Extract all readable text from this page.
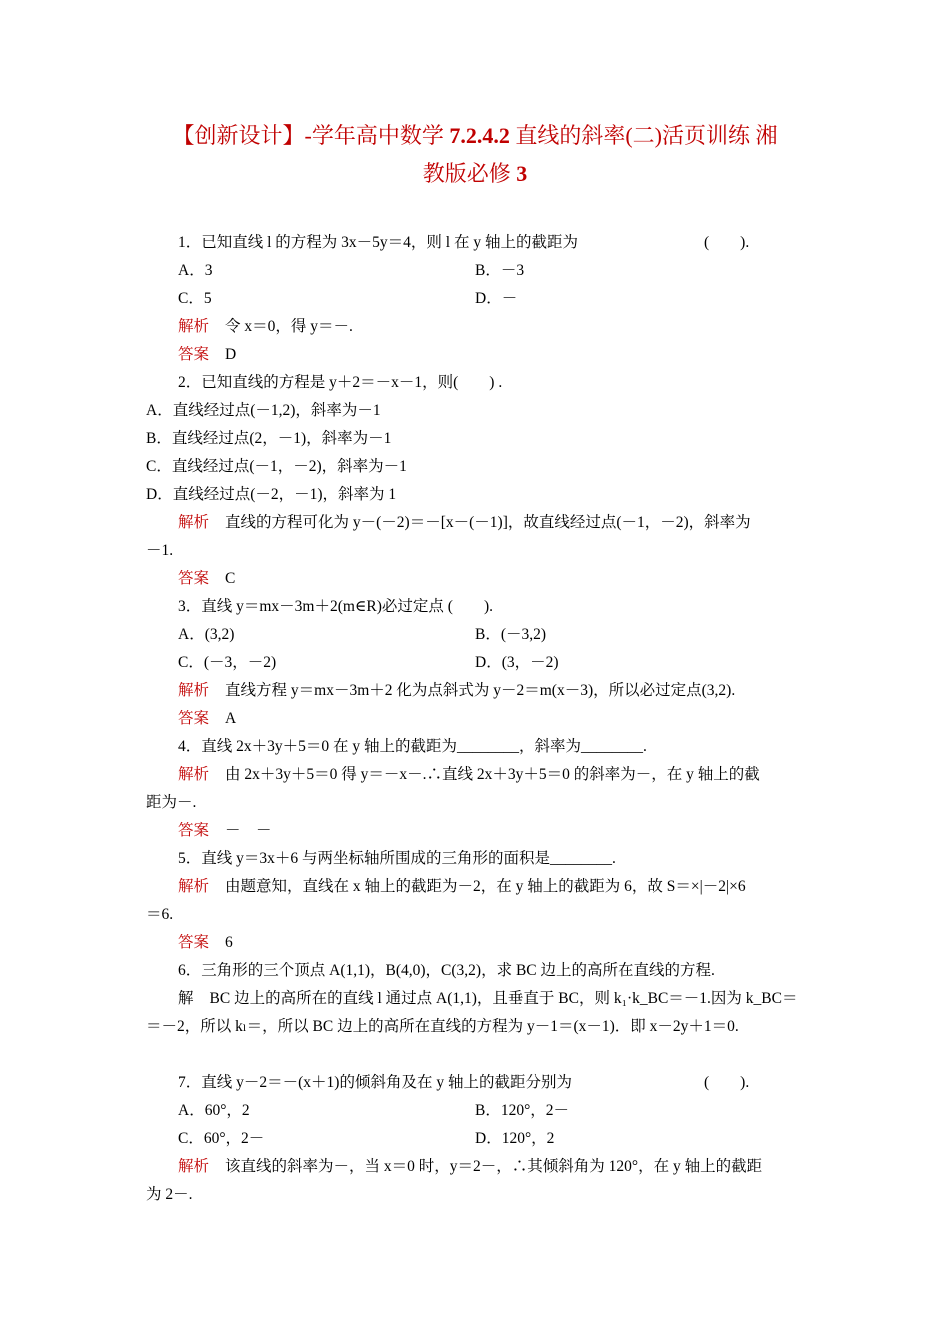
【创新设计】-学年高中数学 7.2.4.2 直线的斜率(二)活页训练 湘
教版必修 3
1．已知直线 l 的方程为 3x－5y＝4，则 l 在 y 轴上的截距为	(　　).
A．3	B．－3
C．5	D．－
解析 令 x＝0，得 y＝－.
答案 D
2．已知直线的方程是 y＋2＝－x－1，则(　　) .
A．直线经过点(－1,2)，斜率为－1
B．直线经过点(2，－1)，斜率为－1
C．直线经过点(－1，－2)，斜率为－1
D．直线经过点(－2，－1)，斜率为 1
解析 直线的方程可化为 y－(－2)＝－[x－(－1)]，故直线经过点(－1，－2)，斜率为
－1.
答案 C
3．直线 y＝mx－3m＋2(m∈R)必过定点 (　　).
A．(3,2)	B．(－3,2)
C．(－3，－2)	D．(3，－2)
解析 直线方程 y＝mx－3m＋2 化为点斜式为 y－2＝m(x－3)，所以必过定点(3,2).
答案 A
4．直线 2x＋3y＋5＝0 在 y 轴上的截距为________，斜率为________.
解析 由 2x＋3y＋5＝0 得 y＝－x－.∴直线 2x＋3y＋5＝0 的斜率为－，在 y 轴上的截
距为－.
答案 －　－
5．直线 y＝3x＋6 与两坐标轴所围成的三角形的面积是________.
解析 由题意知，直线在 x 轴上的截距为－2，在 y 轴上的截距为 6，故 S＝×|－2|×6
＝6.
答案 6
6．三角形的三个顶点 A(1,1)，B(4,0)，C(3,2)，求 BC 边上的高所在直线的方程.
解 BC 边上的高所在的直线 l 通过点 A(1,1)，且垂直于 BC，则 k₁·k_BC＝－1.因为 k_BC＝
＝－2，所以 kₗ＝，所以 BC 边上的高所在直线的方程为 y－1＝(x－1)．即 x－2y＋1＝0.
7．直线 y－2＝－(x＋1)的倾斜角及在 y 轴上的截距分别为	(　　).
A．60°，2	B．120°，2－
C．60°，2－	D．120°，2
解析 该直线的斜率为－，当 x＝0 时，y＝2－，∴其倾斜角为 120°，在 y 轴上的截距
为 2－.
